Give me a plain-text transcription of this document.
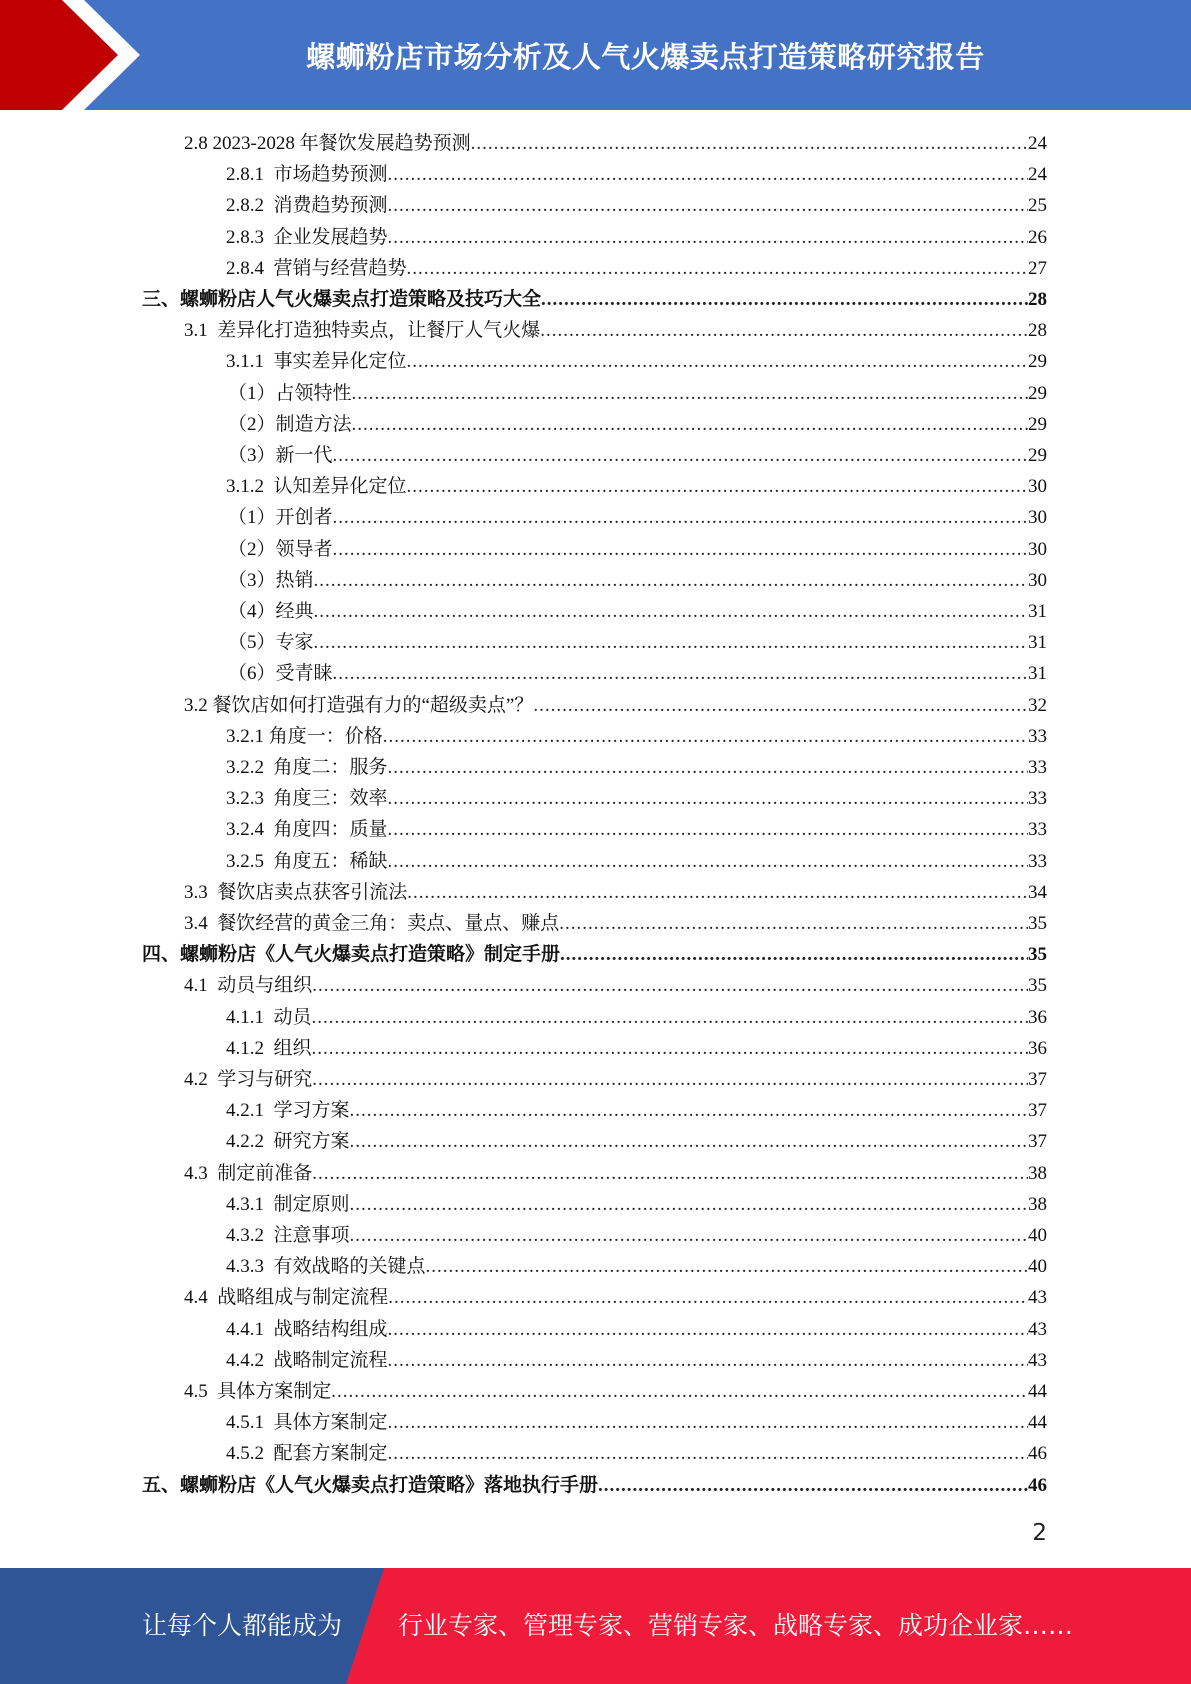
螺蛳粉店市场分析及人气火爆卖点打造策略研究报告
2.8 2023-2028 年餐饮发展趋势预测 .....	24
2.8.1  市场趋势预测 .....	24
2.8.2  消费趋势预测 .....	25
2.8.3  企业发展趋势 .....	26
2.8.4  营销与经营趋势 .....	27
三、螺蛳粉店人气火爆卖点打造策略及技巧大全 .....	28
3.1  差异化打造独特卖点，让餐厅人气火爆 .....	28
3.1.1  事实差异化定位 .....	29
（1）占领特性 .....	29
（2）制造方法 .....	29
（3）新一代 .....	29
3.1.2  认知差异化定位 .....	30
（1）开创者 .....	30
（2）领导者 .....	30
（3）热销 .....	30
（4）经典 .....	31
（5）专家 .....	31
（6）受青睐 .....	31
3.2 餐饮店如何打造强有力的“超级卖点”？ .....	32
3.2.1 角度一：价格 .....	33
3.2.2  角度二：服务 .....	33
3.2.3  角度三：效率 .....	33
3.2.4  角度四：质量 .....	33
3.2.5  角度五：稀缺 .....	33
3.3  餐饮店卖点获客引流法 .....	34
3.4  餐饮经营的黄金三角：卖点、量点、赚点 .....	35
四、螺蛳粉店《人气火爆卖点打造策略》制定手册 .....	35
4.1  动员与组织 .....	35
4.1.1  动员 .....	36
4.1.2  组织 .....	36
4.2  学习与研究 .....	37
4.2.1  学习方案 .....	37
4.2.2  研究方案 .....	37
4.3  制定前准备 .....	38
4.3.1  制定原则 .....	38
4.3.2  注意事项 .....	40
4.3.3  有效战略的关键点 .....	40
4.4  战略组成与制定流程 .....	43
4.4.1  战略结构组成 .....	43
4.4.2  战略制定流程 .....	43
4.5  具体方案制定 .....	44
4.5.1  具体方案制定 .....	44
4.5.2  配套方案制定 .....	46
五、螺蛳粉店《人气火爆卖点打造策略》落地执行手册 .....	46
2
让每个人都能成为 行业专家、管理专家、营销专家、战略专家、成功企业家……
